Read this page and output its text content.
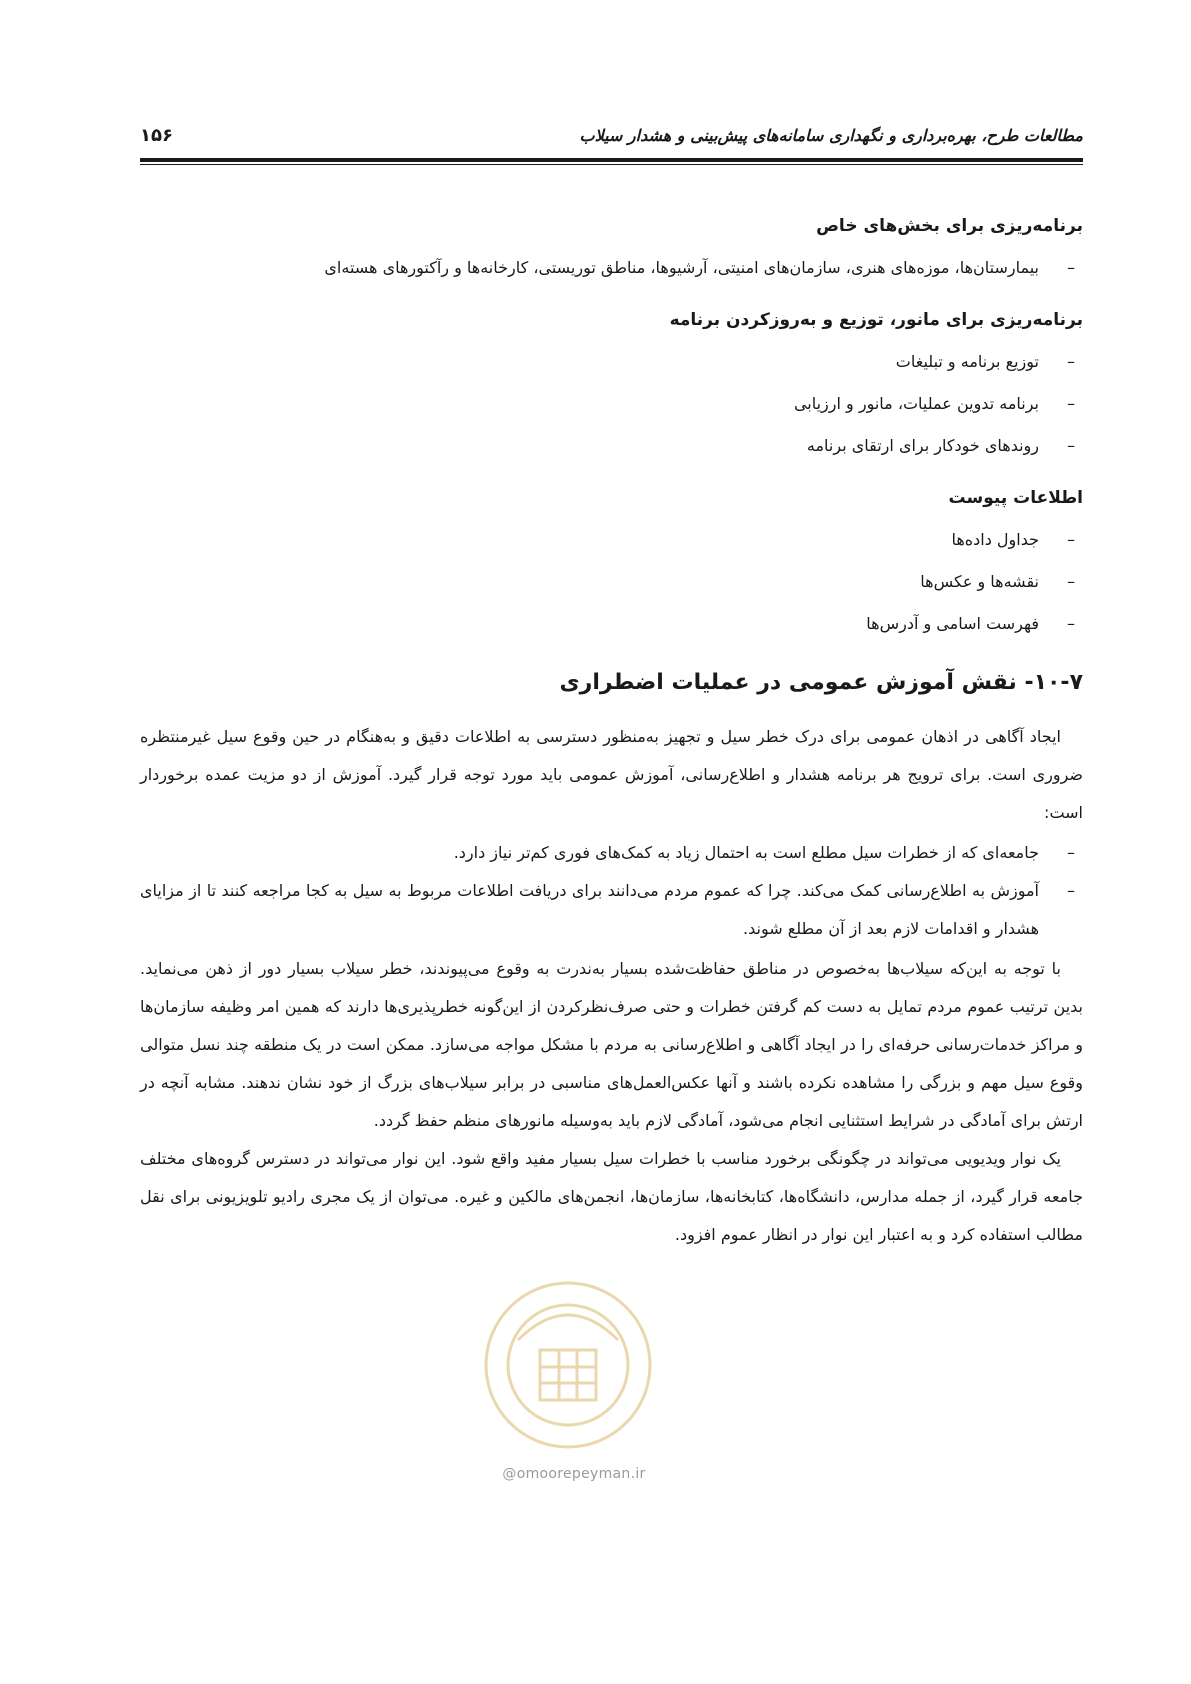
۱۵۶	مطالعات طرح، بهره‌برداری و نگهداری سامانه‌های پیش‌بینی و هشدار سیلاب
برنامه‌ریزی برای بخش‌های خاص
– بیمارستان‌ها، موزه‌های هنری، سازمان‌های امنیتی، آرشیوها، مناطق توریستی، کارخانه‌ها و رآکتورهای هسته‌ای
برنامه‌ریزی برای مانور، توزیع و به‌روزکردن برنامه
– توزیع برنامه و تبلیغات
– برنامه تدوین عملیات، مانور و ارزیابی
– روندهای خودکار برای ارتقای برنامه
اطلاعات پیوست
– جداول داده‌ها
– نقشه‌ها و عکس‌ها
– فهرست اسامی و آدرس‌ها
۱۰-۷- نقش آموزش عمومی در عملیات اضطراری

ایجاد آگاهی در اذهان عمومی برای درک خطر سیل و تجهیز به‌منظور دسترسی به اطلاعات دقیق و به‌هنگام در حین وقوع سیل غیرمنتظره ضروری است. برای ترویج هر برنامه هشدار و اطلاع‌رسانی، آموزش عمومی باید مورد توجه قرار گیرد. آموزش از دو مزیت عمده برخوردار است:

– جامعه‌ای که از خطرات سیل مطلع است به احتمال زیاد به کمک‌های فوری کم‌تر نیاز دارد.
– آموزش به اطلاع‌رسانی کمک می‌کند. چرا که عموم مردم می‌دانند برای دریافت اطلاعات مربوط به سیل به کجا مراجعه کنند تا از مزایای هشدار و اقدامات لازم بعد از آن مطلع شوند.

با توجه به این‌که سیلاب‌ها به‌خصوص در مناطق حفاظت‌شده بسیار به‌ندرت به وقوع می‌پیوندند، خطر سیلاب بسیار دور از ذهن می‌نماید. بدین ترتیب عموم مردم تمایل به دست کم گرفتن خطرات و حتی صرف‌نظرکردن از این‌گونه خطرپذیری‌ها دارند که همین امر وظیفه سازمان‌ها و مراکز خدمات‌رسانی حرفه‌ای را در ایجاد آگاهی و اطلاع‌رسانی به مردم با مشکل مواجه می‌سازد. ممکن است در یک منطقه چند نسل متوالی وقوع سیل مهم و بزرگی را مشاهده نکرده باشند و آنها عکس‌العمل‌های مناسبی در برابر سیلاب‌های بزرگ از خود نشان ندهند. مشابه آنچه در ارتش برای آمادگی در شرایط استثنایی انجام می‌شود، آمادگی لازم باید به‌وسیله مانورهای منظم حفظ گردد.

یک نوار ویدیویی می‌تواند در چگونگی برخورد مناسب با خطرات سیل بسیار مفید واقع شود. این نوار می‌تواند در دسترس گروه‌های مختلف جامعه قرار گیرد، از جمله مدارس، دانشگاه‌ها، کتابخانه‌ها، سازمان‌ها، انجمن‌های مالکین و غیره. می‌توان از یک مجری رادیو تلویزیونی برای نقل مطالب استفاده کرد و به اعتبار این نوار در انظار عموم افزود.

@omoorepeyman.ir
